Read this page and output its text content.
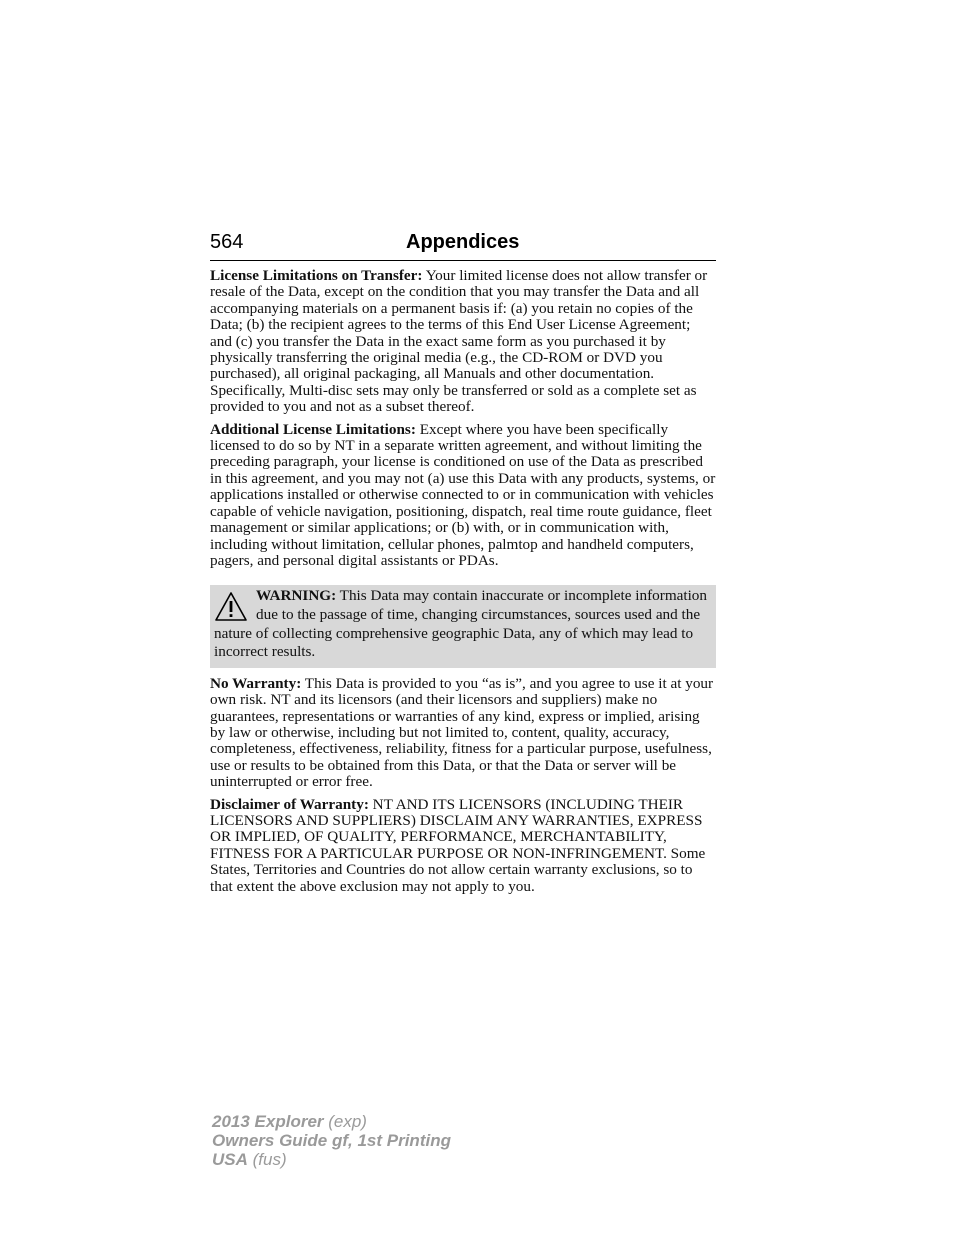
564	Appendices

License Limitations on Transfer: Your limited license does not allow transfer or resale of the Data, except on the condition that you may transfer the Data and all accompanying materials on a permanent basis if: (a) you retain no copies of the Data; (b) the recipient agrees to the terms of this End User License Agreement; and (c) you transfer the Data in the exact same form as you purchased it by physically transferring the original media (e.g., the CD-ROM or DVD you purchased), all original packaging, all Manuals and other documentation. Specifically, Multi-disc sets may only be transferred or sold as a complete set as provided to you and not as a subset thereof.

Additional License Limitations: Except where you have been specifically licensed to do so by NT in a separate written agreement, and without limiting the preceding paragraph, your license is conditioned on use of the Data as prescribed in this agreement, and you may not (a) use this Data with any products, systems, or applications installed or otherwise connected to or in communication with vehicles capable of vehicle navigation, positioning, dispatch, real time route guidance, fleet management or similar applications; or (b) with, or in communication with, including without limitation, cellular phones, palmtop and handheld computers, pagers, and personal digital assistants or PDAs.

WARNING: This Data may contain inaccurate or incomplete information due to the passage of time, changing circumstances, sources used and the nature of collecting comprehensive geographic Data, any of which may lead to incorrect results.

No Warranty: This Data is provided to you “as is”, and you agree to use it at your own risk. NT and its licensors (and their licensors and suppliers) make no guarantees, representations or warranties of any kind, express or implied, arising by law or otherwise, including but not limited to, content, quality, accuracy, completeness, effectiveness, reliability, fitness for a particular purpose, usefulness, use or results to be obtained from this Data, or that the Data or server will be uninterrupted or error free.

Disclaimer of Warranty: NT AND ITS LICENSORS (INCLUDING THEIR LICENSORS AND SUPPLIERS) DISCLAIM ANY WARRANTIES, EXPRESS OR IMPLIED, OF QUALITY, PERFORMANCE, MERCHANTABILITY, FITNESS FOR A PARTICULAR PURPOSE OR NON-INFRINGEMENT. Some States, Territories and Countries do not allow certain warranty exclusions, so to that extent the above exclusion may not apply to you.

2013 Explorer (exp)
Owners Guide gf, 1st Printing
USA (fus)
